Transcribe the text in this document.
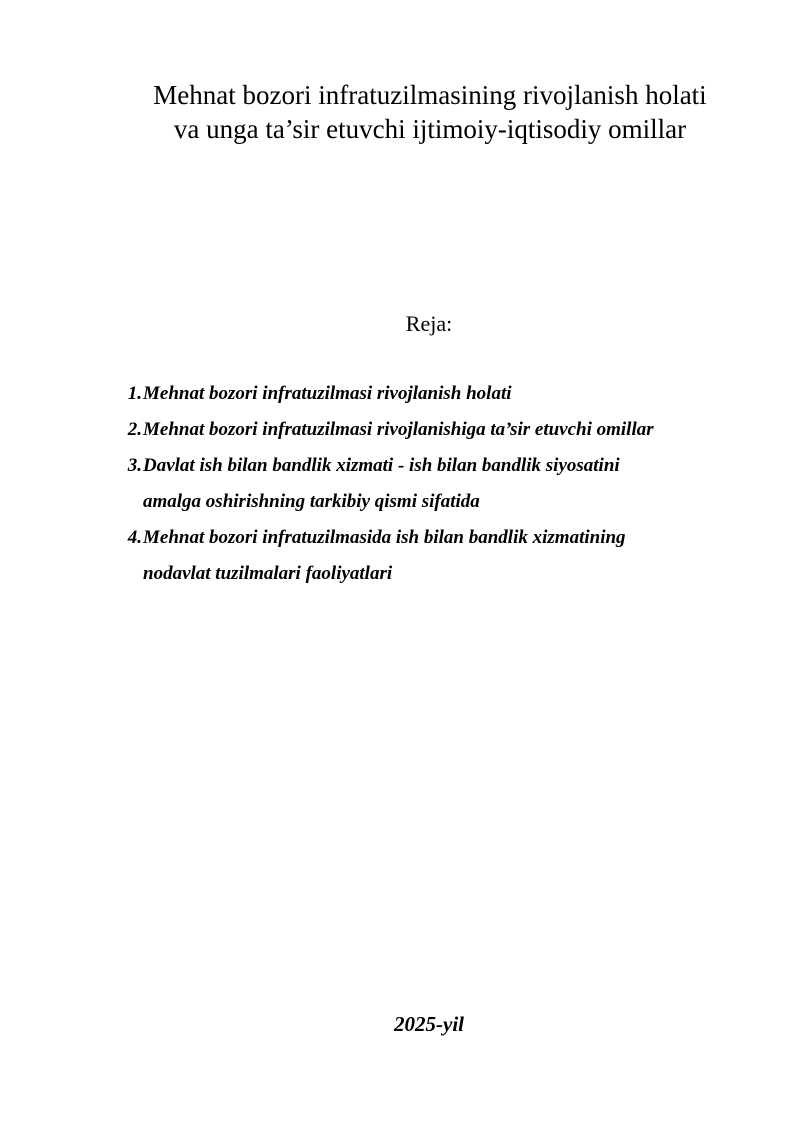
Mehnat bozori infratuzilmasining rivojlanish holati
va unga ta’sir etuvchi ijtimoiy-iqtisodiy omillar
Reja:
1. Mehnat bozori infratuzilmasi rivojlanish holati
2. Mehnat bozori infratuzilmasi rivojlanishiga ta’sir etuvchi omillar
3. Davlat ish bilan bandlik xizmati - ish bilan bandlik siyosatini
amalga oshirishning tarkibiy qismi sifatida
4. Mehnat bozori infratuzilmasida ish bilan bandlik xizmatining
nodavlat tuzilmalari faoliyatlari

2025-yil
